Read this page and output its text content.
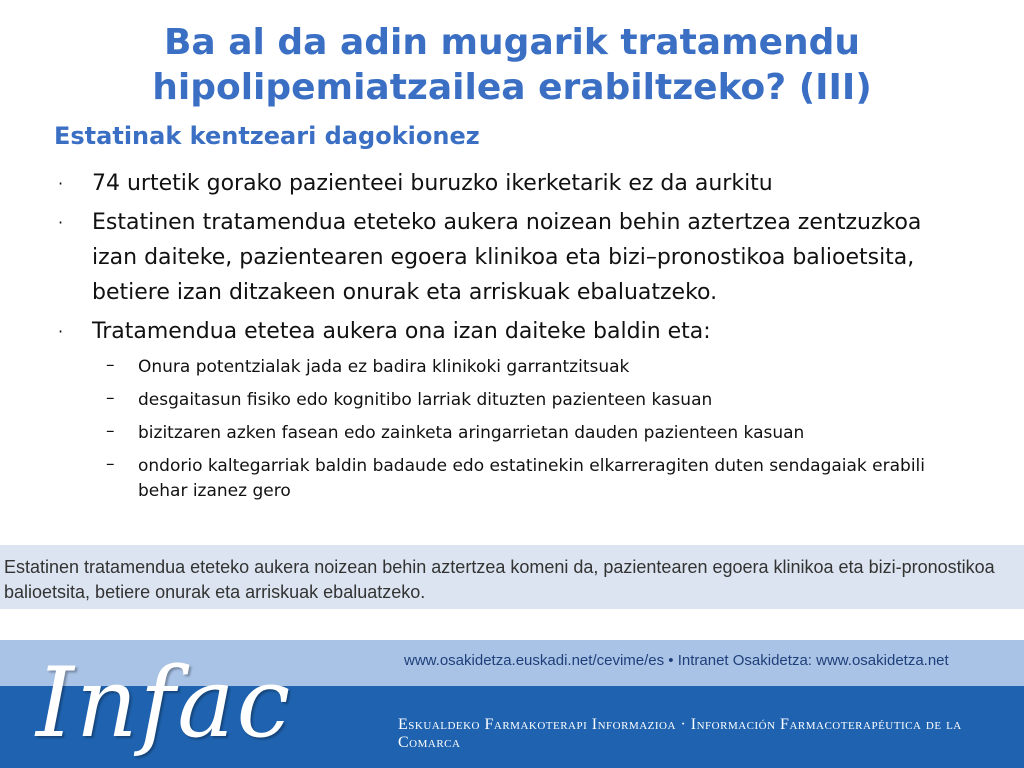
Ba al da adin mugarik tratamendu
hipolipemiatzailea erabiltzeko? (III)
Estatinak kentzeari dagokionez
· 74 urtetik gorako pazienteei buruzko ikerketarik ez da aurkitu
· Estatinen tratamendua eteteko aukera noizean behin aztertzea zentzuzkoa izan daiteke, pazientearen egoera klinikoa eta bizi–pronostikoa balioetsita, betiere izan ditzakeen onurak eta arriskuak ebaluatzeko.
· Tratamendua etetea aukera ona izan daiteke baldin eta:
– Onura potentzialak jada ez badira klinikoki garrantzitsuak
– desgaitasun fisiko edo kognitibo larriak dituzten pazienteen kasuan
– bizitzaren azken fasean edo zainketa aringarrietan dauden pazienteen kasuan
– ondorio kaltegarriak baldin badaude edo estatinekin elkarreragiten duten sendagaiak erabili behar izanez gero
Estatinen tratamendua eteteko aukera noizean behin aztertzea komeni da, pazientearen egoera klinikoa eta bizi-pronostikoa balioetsita, betiere onurak eta arriskuak ebaluatzeko.
Infac	www.osakidetza.euskadi.net/cevime/es • Intranet Osakidetza: www.osakidetza.net
Eskualdeko Farmakoterapi Informazioa · Información Farmacoterapéutica de la Comarca
